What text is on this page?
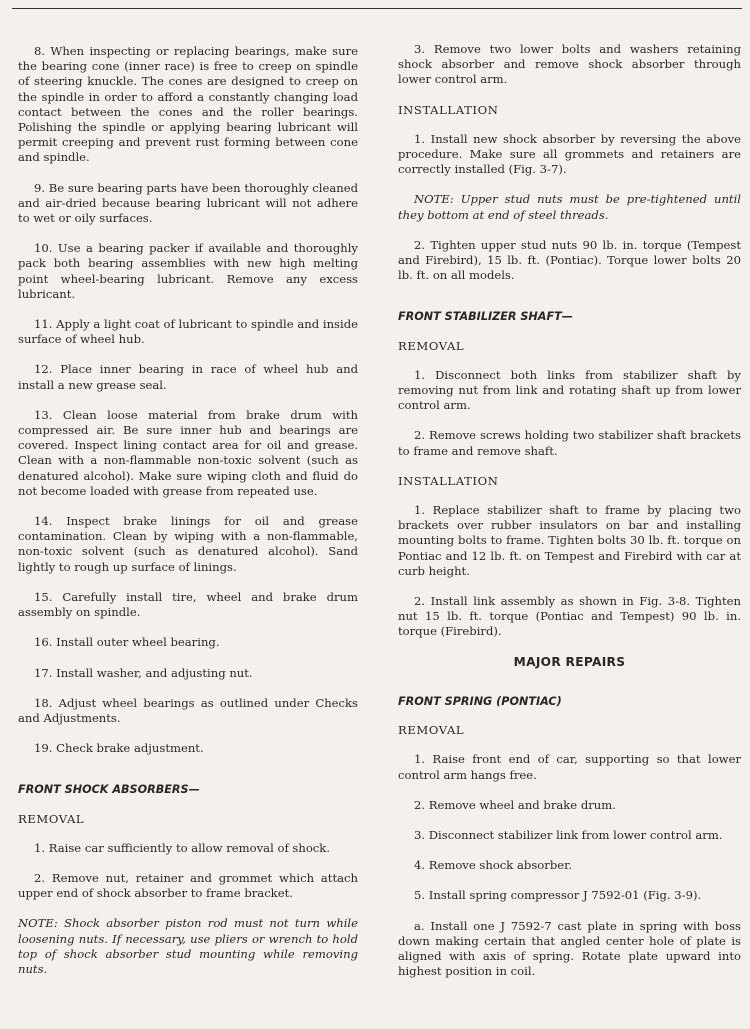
8. When inspecting or replacing bearings, make sure the bearing cone (inner race) is free to creep on spindle of steering knuckle. The cones are designed to creep on the spindle in order to afford a constantly changing load contact between the cones and the roller bearings. Polishing the spindle or applying bearing lubricant will permit creeping and prevent rust forming between cone and spindle.

9. Be sure bearing parts have been thoroughly cleaned and air-dried because bearing lubricant will not adhere to wet or oily surfaces.

10. Use a bearing packer if available and thoroughly pack both bearing assemblies with new high melting point wheel-bearing lubricant. Remove any excess lubricant.

11. Apply a light coat of lubricant to spindle and inside surface of wheel hub.

12. Place inner bearing in race of wheel hub and install a new grease seal.

13. Clean loose material from brake drum with compressed air. Be sure inner hub and bearings are covered. Inspect lining contact area for oil and grease. Clean with a non-flammable non-toxic solvent (such as denatured alcohol). Make sure wiping cloth and fluid do not become loaded with grease from repeated use.

14. Inspect brake linings for oil and grease contamination. Clean by wiping with a non-flammable, non-toxic solvent (such as denatured alcohol). Sand lightly to rough up surface of linings.

15. Carefully install tire, wheel and brake drum assembly on spindle.

16. Install outer wheel bearing.

17. Install washer, and adjusting nut.

18. Adjust wheel bearings as outlined under Checks and Adjustments.

19. Check brake adjustment.

FRONT SHOCK ABSORBERS—
REMOVAL

1. Raise car sufficiently to allow removal of shock.

2. Remove nut, retainer and grommet which attach upper end of shock absorber to frame bracket.

NOTE: Shock absorber piston rod must not turn while loosening nuts. If necessary, use pliers or wrench to hold top of shock absorber stud mounting while removing nuts.

3. Remove two lower bolts and washers retaining shock absorber and remove shock absorber through lower control arm.

INSTALLATION

1. Install new shock absorber by reversing the above procedure. Make sure all grommets and retainers are correctly installed (Fig. 3-7).

NOTE: Upper stud nuts must be pre-tightened until they bottom at end of steel threads.

2. Tighten upper stud nuts 90 lb. in. torque (Tempest and Firebird), 15 lb. ft. (Pontiac). Torque lower bolts 20 lb. ft. on all models.

FRONT STABILIZER SHAFT—
REMOVAL

1. Disconnect both links from stabilizer shaft by removing nut from link and rotating shaft up from lower control arm.

2. Remove screws holding two stabilizer shaft brackets to frame and remove shaft.

INSTALLATION

1. Replace stabilizer shaft to frame by placing two brackets over rubber insulators on bar and installing mounting bolts to frame. Tighten bolts 30 lb. ft. torque on Pontiac and 12 lb. ft. on Tempest and Firebird with car at curb height.

2. Install link assembly as shown in Fig. 3-8. Tighten nut 15 lb. ft. torque (Pontiac and Tempest) 90 lb. in. torque (Firebird).

MAJOR REPAIRS
FRONT SPRING (PONTIAC)
REMOVAL

1. Raise front end of car, supporting so that lower control arm hangs free.

2. Remove wheel and brake drum.

3. Disconnect stabilizer link from lower control arm.

4. Remove shock absorber.

5. Install spring compressor J 7592-01 (Fig. 3-9).

a. Install one J 7592-7 cast plate in spring with boss down making certain that angled center hole of plate is aligned with axis of spring. Rotate plate upward into highest position in coil.
